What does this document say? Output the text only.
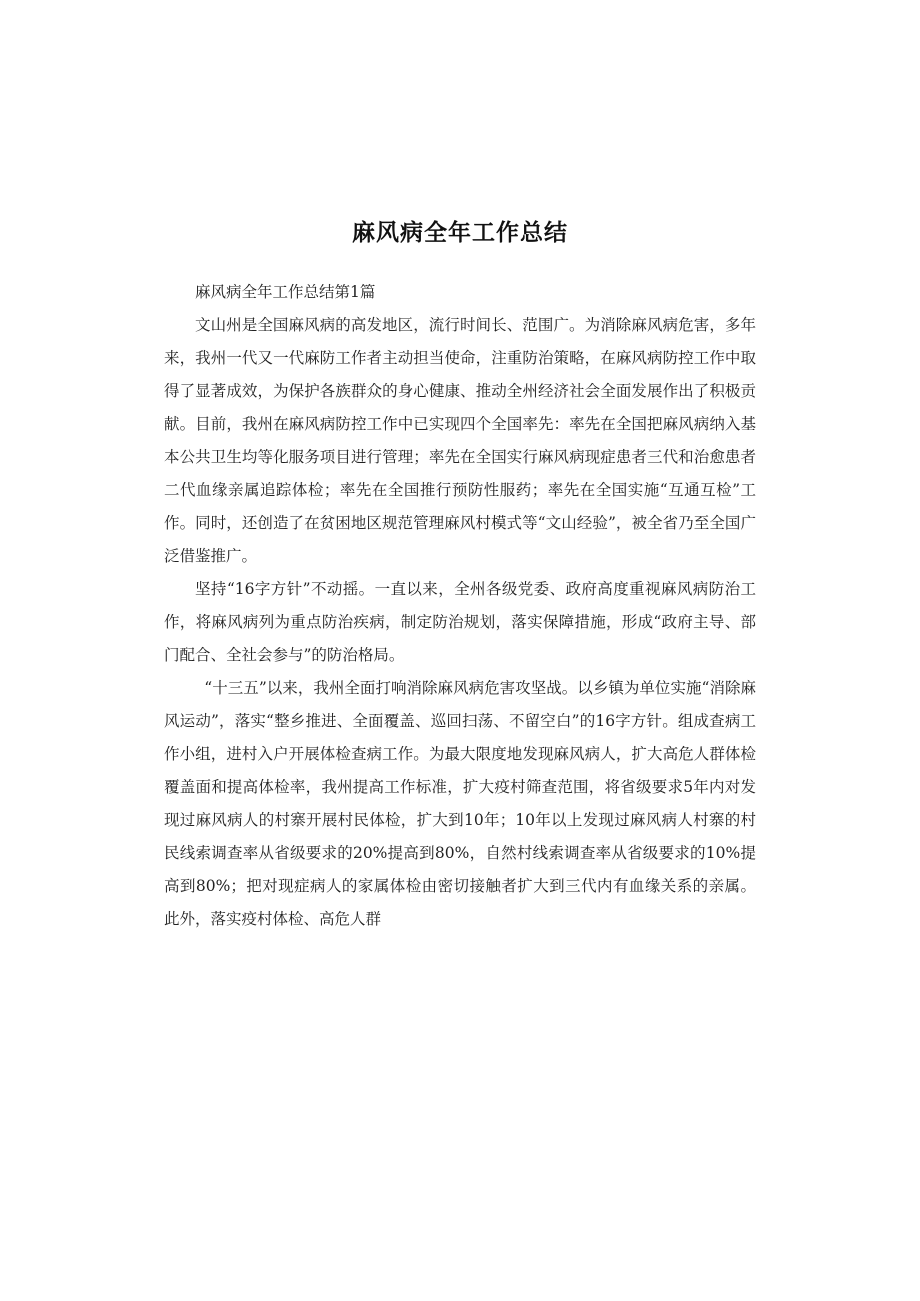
麻风病全年工作总结

麻风病全年工作总结第1篇

文山州是全国麻风病的高发地区，流行时间长、范围广。为消除麻风病危害，多年来，我州一代又一代麻防工作者主动担当使命，注重防治策略，在麻风病防控工作中取得了显著成效，为保护各族群众的身心健康、推动全州经济社会全面发展作出了积极贡献。目前，我州在麻风病防控工作中已实现四个全国率先：率先在全国把麻风病纳入基本公共卫生均等化服务项目进行管理；率先在全国实行麻风病现症患者三代和治愈患者二代血缘亲属追踪体检；率先在全国推行预防性服药；率先在全国实施“互通互检”工作。同时，还创造了在贫困地区规范管理麻风村模式等“文山经验”，被全省乃至全国广泛借鉴推广。

坚持“16字方针”不动摇。一直以来，全州各级党委、政府高度重视麻风病防治工作，将麻风病列为重点防治疾病，制定防治规划，落实保障措施，形成“政府主导、部门配合、全社会参与”的防治格局。

“十三五”以来，我州全面打响消除麻风病危害攻坚战。以乡镇为单位实施“消除麻风运动”，落实“整乡推进、全面覆盖、巡回扫荡、不留空白”的16字方针。组成查病工作小组，进村入户开展体检查病工作。为最大限度地发现麻风病人，扩大高危人群体检覆盖面和提高体检率，我州提高工作标准，扩大疫村筛查范围，将省级要求5年内对发现过麻风病人的村寨开展村民体检，扩大到10年；10年以上发现过麻风病人村寨的村民线索调查率从省级要求的20%提高到80%，自然村线索调查率从省级要求的10%提高到80%；把对现症病人的家属体检由密切接触者扩大到三代内有血缘关系的亲属。此外，落实疫村体检、高危人群
